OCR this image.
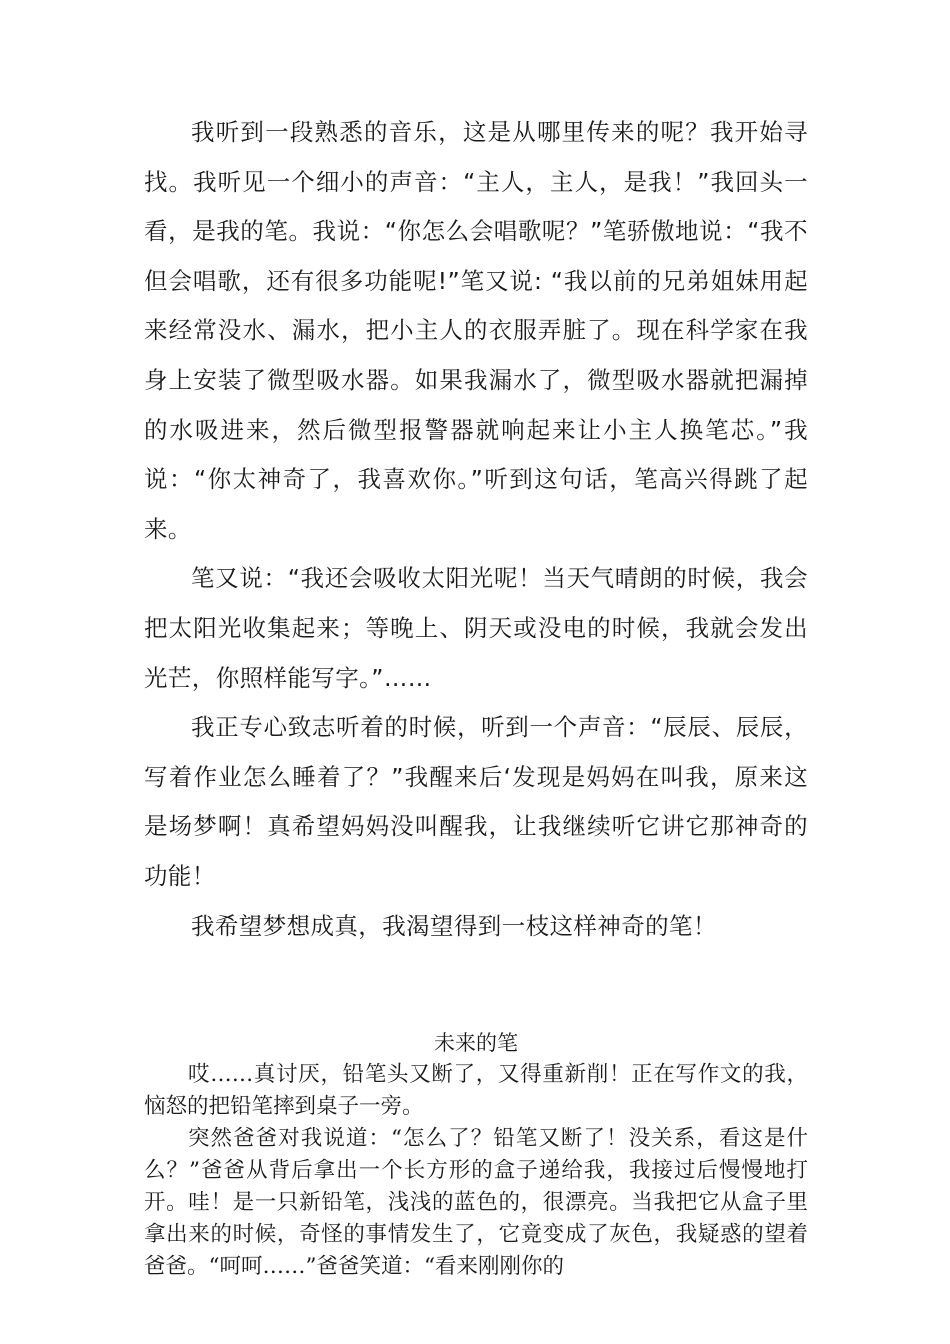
我听到一段熟悉的音乐，这是从哪里传来的呢？我开始寻找。我听见一个细小的声音：“主人，主人，是我！”我回头一看，是我的笔。我说：“你怎么会唱歌呢？”笔骄傲地说：“我不但会唱歌，还有很多功能呢!”笔又说: “我以前的兄弟姐妹用起来经常没水、漏水，把小主人的衣服弄脏了。现在科学家在我身上安装了微型吸水器。如果我漏水了，微型吸水器就把漏掉的水吸进来，然后微型报警器就响起来让小主人换笔芯。”我说：“你太神奇了，我喜欢你。”听到这句话，笔高兴得跳了起来。

笔又说：“我还会吸收太阳光呢！当天气晴朗的时候，我会把太阳光收集起来；等晚上、阴天或没电的时候，我就会发出光芒，你照样能写字。”……

我正专心致志听着的时候，听到一个声音：“辰辰、辰辰，写着作业怎么睡着了？”我醒来后‘发现是妈妈在叫我，原来这是场梦啊！真希望妈妈没叫醒我，让我继续听它讲它那神奇的功能！

我希望梦想成真，我渴望得到一枝这样神奇的笔！

未来的笔

哎……真讨厌，铅笔头又断了，又得重新削！正在写作文的我，恼怒的把铅笔摔到桌子一旁。

突然爸爸对我说道：“怎么了？铅笔又断了！没关系，看这是什么？”爸爸从背后拿出一个长方形的盒子递给我，我接过后慢慢地打开。哇！是一只新铅笔，浅浅的蓝色的，很漂亮。当我把它从盒子里拿出来的时候，奇怪的事情发生了，它竟变成了灰色，我疑惑的望着爸爸。“呵呵……”爸爸笑道：“看来刚刚你的
